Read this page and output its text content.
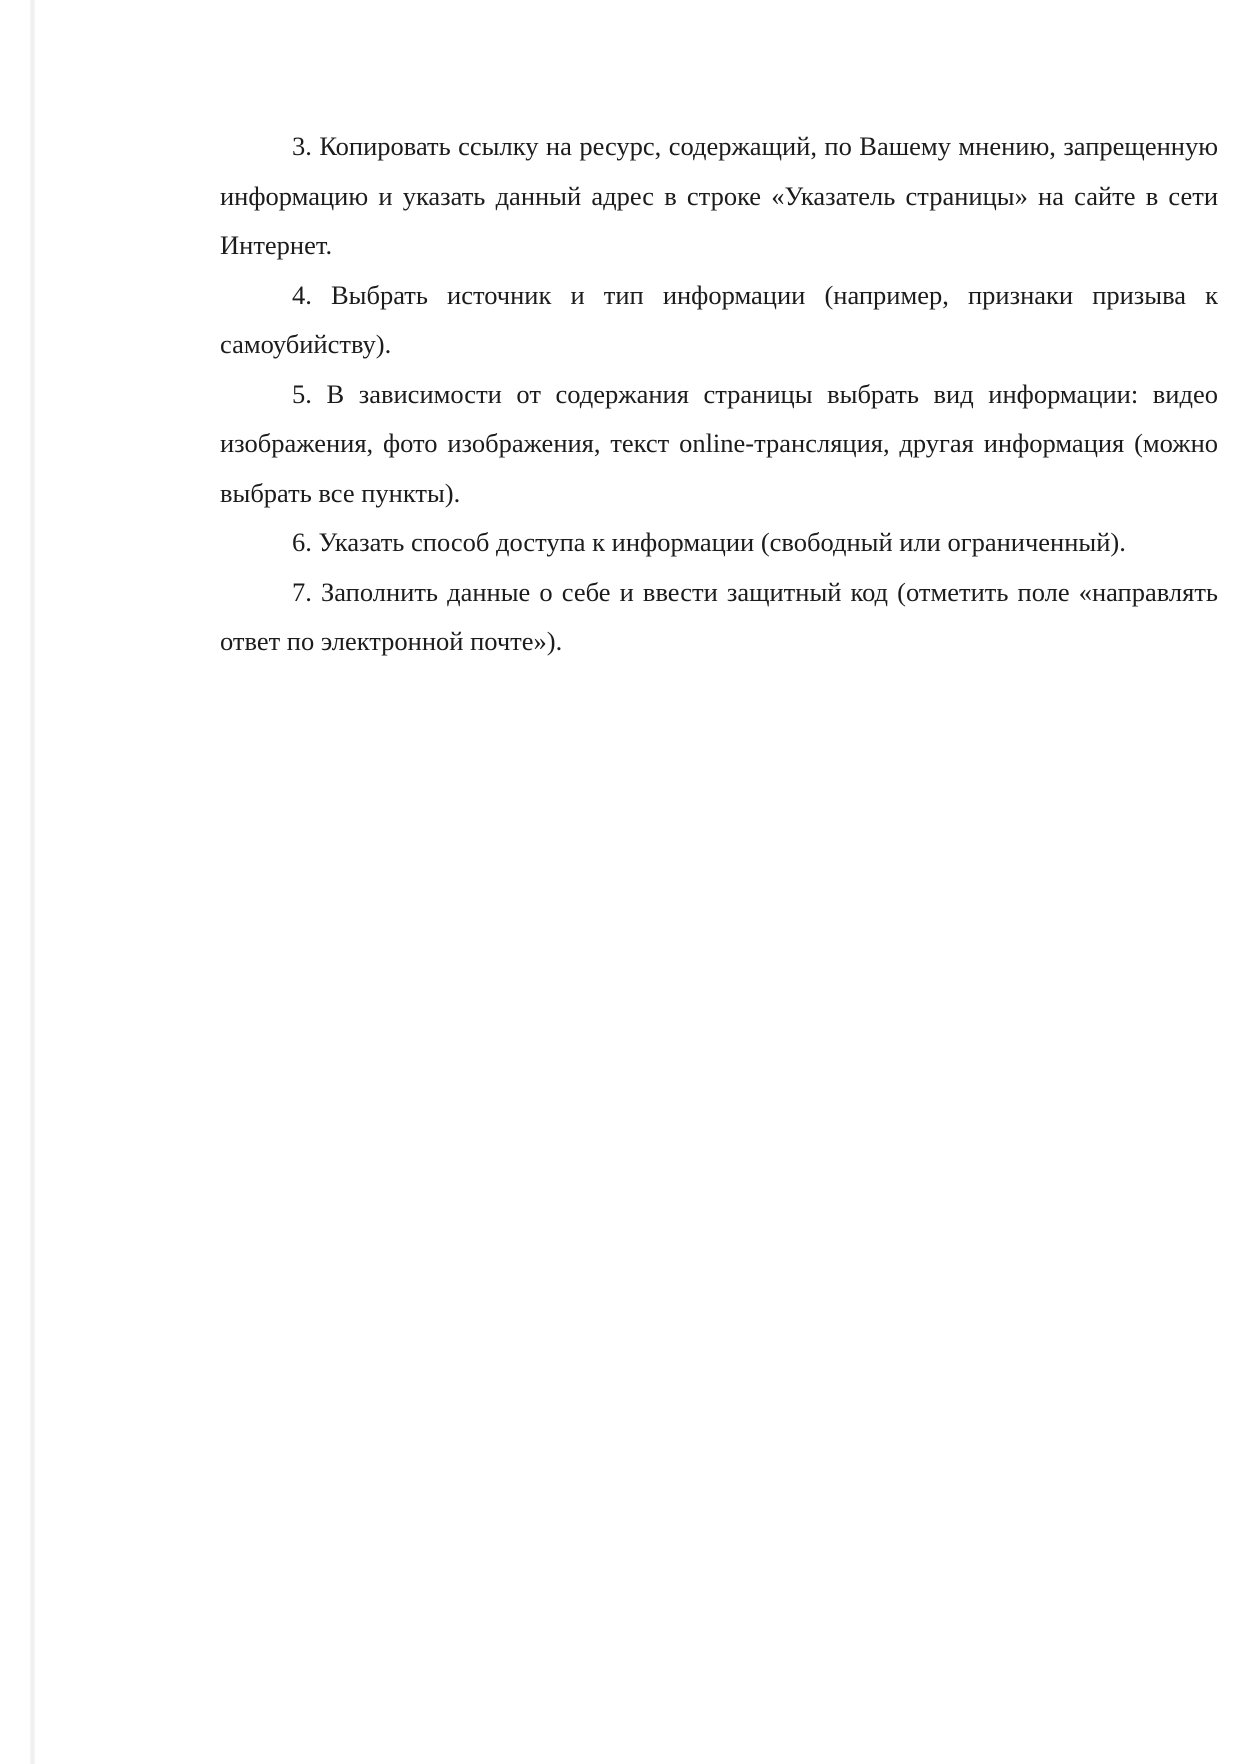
3. Копировать ссылку на ресурс, содержащий, по Вашему мнению, запрещенную информацию и указать данный адрес в строке «Указатель страницы» на сайте в сети Интернет.

4. Выбрать источник и тип информации (например, признаки призыва к самоубийству).

5. В зависимости от содержания страницы выбрать вид информации: видео изображения, фото изображения, текст online-трансляция, другая информация (можно выбрать все пункты).

6. Указать способ доступа к информации (свободный или ограниченный).

7. Заполнить данные о себе и ввести защитный код (отметить поле «направлять ответ по электронной почте»).
